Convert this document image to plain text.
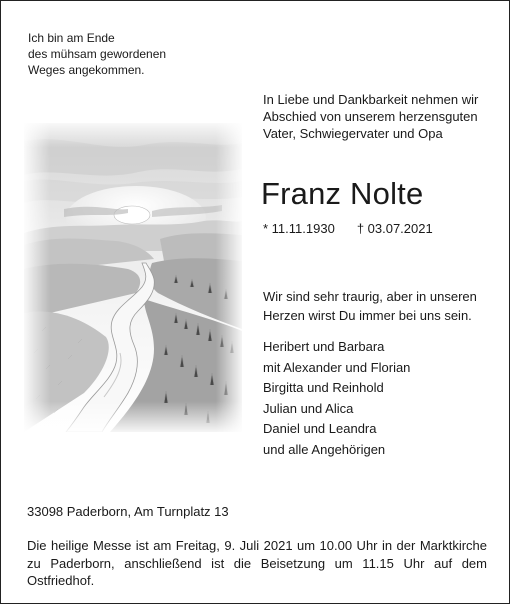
Ich bin am Ende
des mühsam gewordenen
Weges angekommen.
In Liebe und Dankbarkeit nehmen wir
Abschied von unserem herzensguten
Vater, Schwiegervater und Opa
Franz Nolte
* 11.11.1930 † 03.07.2021
Wir sind sehr traurig, aber in unseren
Herzen wirst Du immer bei uns sein.
Heribert und Barbara
mit Alexander und Florian
Birgitta und Reinhold
Julian und Alica
Daniel und Leandra
und alle Angehörigen
33098 Paderborn, Am Turnplatz 13
Die heilige Messe ist am Freitag, 9. Juli 2021 um 10.00 Uhr in der Marktkirche zu Paderborn, anschließend ist die Beisetzung um 11.15 Uhr auf dem Ostfriedhof.
